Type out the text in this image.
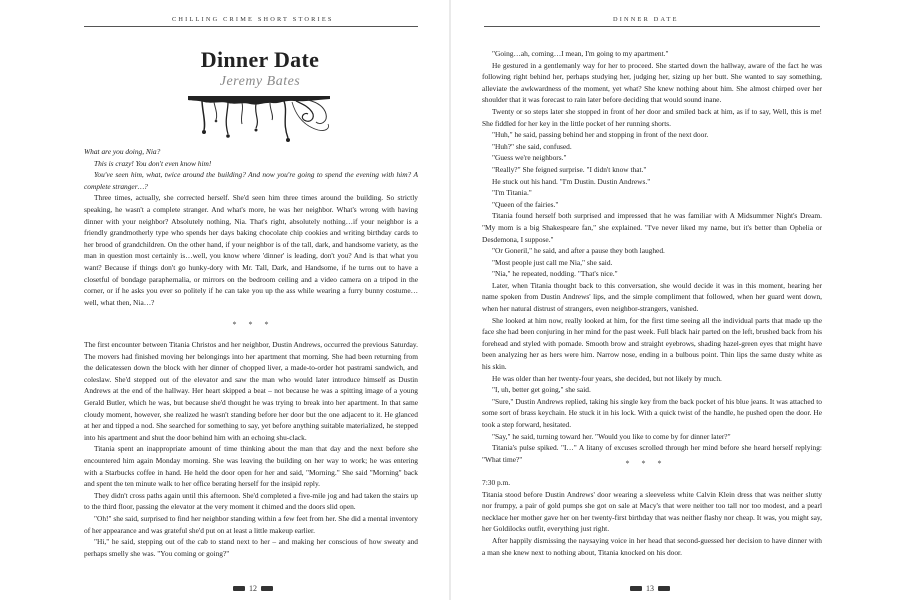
CHILLING CRIME SHORT STORIES
Dinner Date
Jeremy Bates

What are you doing, Nia?

This is crazy! You don't even know him!

You've seen him, what, twice around the building? And now you're going to spend the evening with him? A complete stranger…?

Three times, actually, she corrected herself. She'd seen him three times around the building. So strictly speaking, he wasn't a complete stranger. And what's more, he was her neighbor. What's wrong with having dinner with your neighbor? Absolutely nothing, Nia. That's right, absolutely nothing…if your neighbor is a friendly grandmotherly type who spends her days baking chocolate chip cookies and writing birthday cards to her brood of grandchildren. On the other hand, if your neighbor is of the tall, dark, and handsome variety, as the man in question most certainly is…well, you know where 'dinner' is leading, don't you? And is that what you want? Because if things don't go hunky-dory with Mr. Tall, Dark, and Handsome, if he turns out to have a closetful of bondage paraphernalia, or mirrors on the bedroom ceiling and a video camera on a tripod in the corner, or if he asks you ever so politely if he can take you up the ass while wearing a furry bunny costume…well, what then, Nia…?

* * *

The first encounter between Titania Christos and her neighbor, Dustin Andrews, occurred the previous Saturday. The movers had finished moving her belongings into her apartment that morning. She had been returning from the delicatessen down the block with her dinner of chopped liver, a made-to-order hot pastrami sandwich, and coleslaw. She'd stepped out of the elevator and saw the man who would later introduce himself as Dustin Andrews at the end of the hallway. Her heart skipped a beat – not because he was a spitting image of a young Gerald Butler, which he was, but because she'd thought he was trying to break into her apartment. In that same cloudy moment, however, she realized he wasn't standing before her door but the one adjacent to it. He glanced at her and tipped a nod. She searched for something to say, yet before anything suitable materialized, he stepped into his apartment and shut the door behind him with an echoing shu-clack.

Titania spent an inappropriate amount of time thinking about the man that day and the next before she encountered him again Monday morning. She was leaving the building on her way to work; he was entering with a Starbucks coffee in hand. He held the door open for her and said, "Morning." She said "Morning" back and spent the ten minute walk to her office berating herself for the insipid reply.

They didn't cross paths again until this afternoon. She'd completed a five-mile jog and had taken the stairs up to the third floor, passing the elevator at the very moment it chimed and the doors slid open.

"Oh!" she said, surprised to find her neighbor standing within a few feet from her. She did a mental inventory of her appearance and was grateful she'd put on at least a little makeup earlier.

"Hi," he said, stepping out of the cab to stand next to her – and making her conscious of how sweaty and perhaps smelly she was. "You coming or going?"

12
DINNER DATE

"Going…ah, coming…I mean, I'm going to my apartment."

He gestured in a gentlemanly way for her to proceed. She started down the hallway, aware of the fact he was following right behind her, perhaps studying her, judging her, sizing up her butt. She wanted to say something, alleviate the awkwardness of the moment, yet what? She knew nothing about him. She almost chirped over her shoulder that it was forecast to rain later before deciding that would sound inane.

Twenty or so steps later she stopped in front of her door and smiled back at him, as if to say, Well, this is me! She fiddled for her key in the little pocket of her running shorts.

"Huh," he said, passing behind her and stopping in front of the next door.

"Huh?" she said, confused.

"Guess we're neighbors."

"Really?" She feigned surprise. "I didn't know that."

He stuck out his hand. "I'm Dustin. Dustin Andrews."

"I'm Titania."

"Queen of the fairies."

Titania found herself both surprised and impressed that he was familiar with A Midsummer Night's Dream. "My mom is a big Shakespeare fan," she explained. "I've never liked my name, but it's better than Ophelia or Desdemona, I suppose."

"Or Goneril," he said, and after a pause they both laughed.

"Most people just call me Nia," she said.

"Nia," he repeated, nodding. "That's nice."

Later, when Titania thought back to this conversation, she would decide it was in this moment, hearing her name spoken from Dustin Andrews' lips, and the simple compliment that followed, when her guard went down, when her natural distrust of strangers, even neighbor-strangers, vanished.

She looked at him now, really looked at him, for the first time seeing all the individual parts that made up the face she had been conjuring in her mind for the past week. Full black hair parted on the left, brushed back from his forehead and styled with pomade. Smooth brow and straight eyebrows, shading hazel-green eyes that might have been analyzing her as hers were him. Narrow nose, ending in a bulbous point. Thin lips the same dusty white as his skin.

He was older than her twenty-four years, she decided, but not likely by much.

"I, uh, better get going," she said.

"Sure," Dustin Andrews replied, taking his single key from the back pocket of his blue jeans. It was attached to some sort of brass keychain. He stuck it in his lock. With a quick twist of the handle, he pushed open the door. He took a step forward, hesitated.

"Say," he said, turning toward her. "Would you like to come by for dinner later?"

Titania's pulse spiked. "I…" A litany of excuses scrolled through her mind before she heard herself replying: "What time?"	* * *

7:30 p.m.

Titania stood before Dustin Andrews' door wearing a sleeveless white Calvin Klein dress that was neither slutty nor frumpy, a pair of gold pumps she got on sale at Macy's that were neither too tall nor too modest, and a pearl necklace her mother gave her on her twenty-first birthday that was neither flashy nor cheap. It was, you might say, her Goldilocks outfit, everything just right.

After happily dismissing the naysaying voice in her head that second-guessed her decision to have dinner with a man she knew next to nothing about, Titania knocked on his door.

13
